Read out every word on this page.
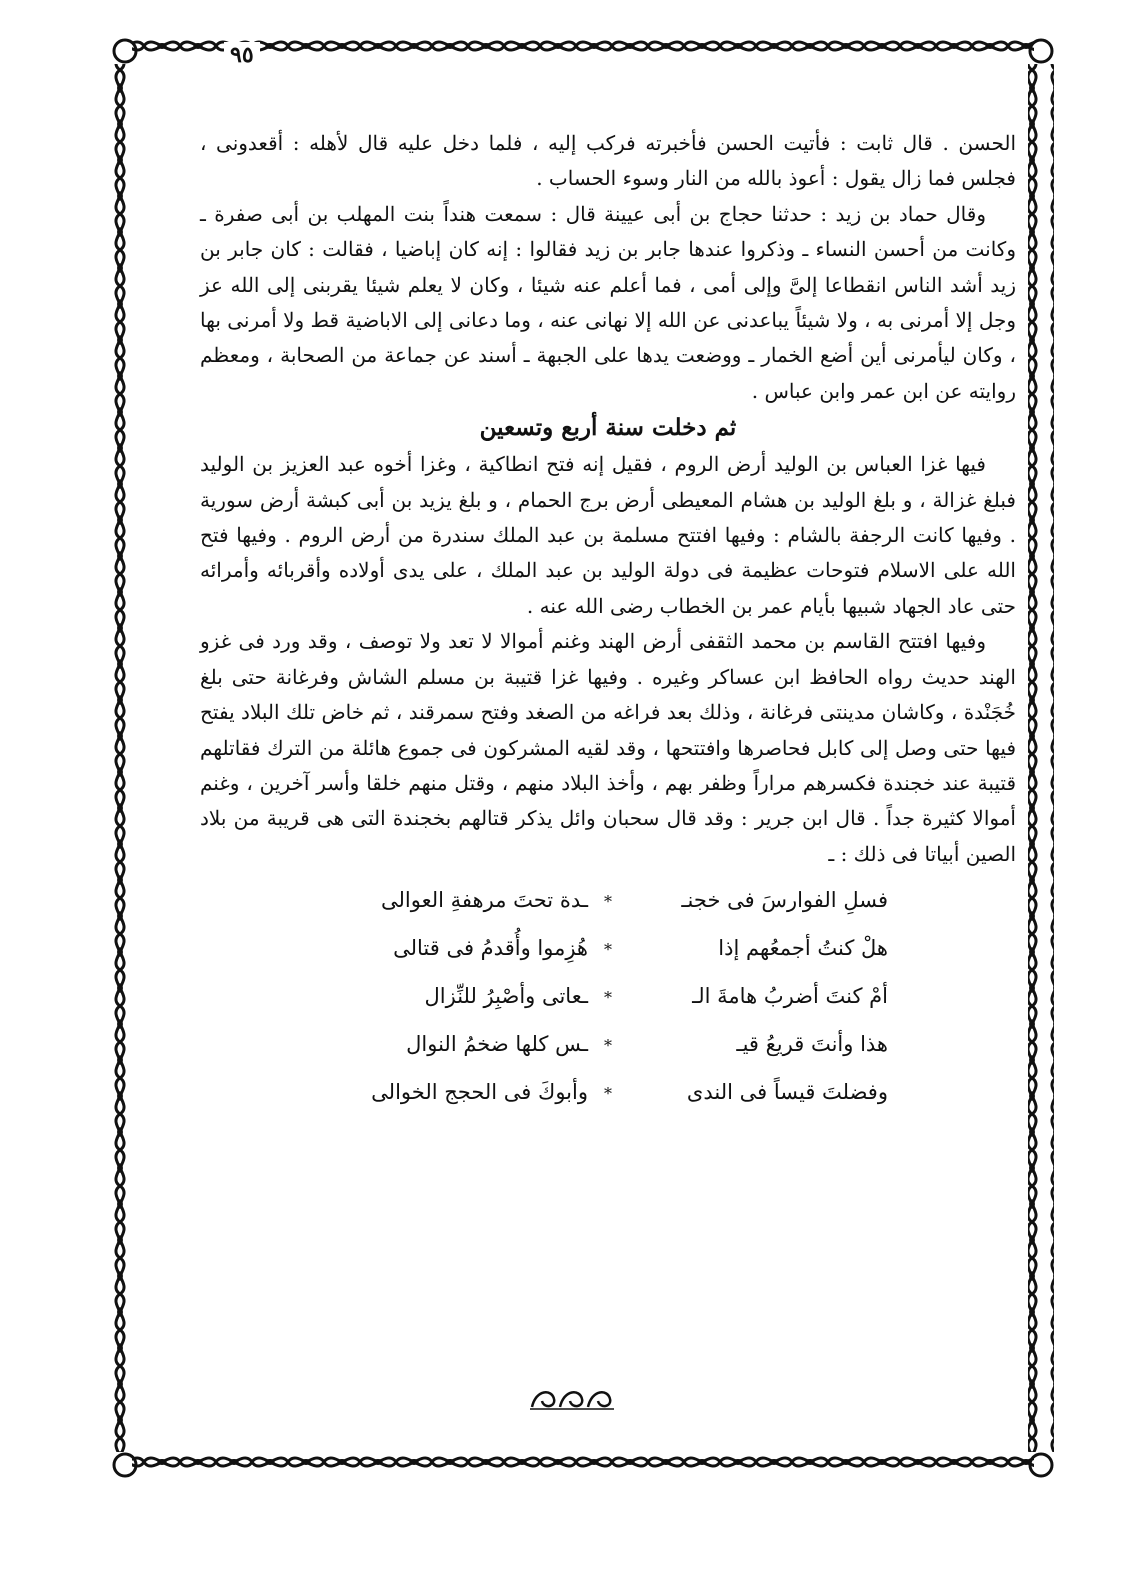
٩٥

الحسن . قال ثابت : فأتيت الحسن فأخبرته فركب إليه ، فلما دخل عليه قال لأهله : أقعدونى ، فجلس فما زال يقول : أعوذ بالله من النار وسوء الحساب .

وقال حماد بن زيد : حدثنا حجاج بن أبى عيينة قال : سمعت هنداً بنت المهلب بن أبى صفرة ـ وكانت من أحسن النساء ـ وذكروا عندها جابر بن زيد فقالوا : إنه كان إباضيا ، فقالت : كان جابر بن زيد أشد الناس انقطاعا إلىَّ وإلى أمى ، فما أعلم عنه شيئا ، وكان لا يعلم شيئا يقربنى إلى الله عز وجل إلا أمرنى به ، ولا شيئاً يباعدنى عن الله إلا نهانى عنه ، وما دعانى إلى الاباضية قط ولا أمرنى بها ، وكان ليأمرنى أين أضع الخمار ـ ووضعت يدها على الجبهة ـ أسند عن جماعة من الصحابة ، ومعظم روايته عن ابن عمر وابن عباس .

ثم دخلت سنة أربع وتسعين

فيها غزا العباس بن الوليد أرض الروم ، فقيل إنه فتح انطاكية ، وغزا أخوه عبد العزيز بن الوليد فبلغ غزالة ، و بلغ الوليد بن هشام المعيطى أرض برج الحمام ، و بلغ يزيد بن أبى كبشة أرض سورية . وفيها كانت الرجفة بالشام : وفيها افتتح مسلمة بن عبد الملك سندرة من أرض الروم . وفيها فتح الله على الاسلام فتوحات عظيمة فى دولة الوليد بن عبد الملك ، على يدى أولاده وأقربائه وأمرائه حتى عاد الجهاد شبيها بأيام عمر بن الخطاب رضى الله عنه .

وفيها افتتح القاسم بن محمد الثقفى أرض الهند وغنم أموالا لا تعد ولا توصف ، وقد ورد فى غزو الهند حديث رواه الحافظ ابن عساكر وغيره . وفيها غزا قتيبة بن مسلم الشاش وفرغانة حتى بلغ خُجَنْدة ، وكاشان مدينتى فرغانة ، وذلك بعد فراغه من الصغد وفتح سمرقند ، ثم خاض تلك البلاد يفتح فيها حتى وصل إلى كابل فحاصرها وافتتحها ، وقد لقيه المشركون فى جموع هائلة من الترك فقاتلهم قتيبة عند خجندة فكسرهم مراراً وظفر بهم ، وأخذ البلاد منهم ، وقتل منهم خلقا وأسر آخرين ، وغنم أموالا كثيرة جداً . قال ابن جرير : وقد قال سحبان وائل يذكر قتالهم بخجندة التى هى قريبة من بلاد الصين أبياتا فى ذلك : ـ

فسلِ الفوارسَ فى خجنـ
*
ـدة تحتَ مرهفةِ العوالى
هلْ كنتُ أجمعُهم إذا
*
هُزِموا وأُقدمُ فى قتالى
أمْ كنتَ أضربُ هامةَ الـ
*
ـعاتى وأصْبِرُ للنِّزال
هذا وأنتَ قريعُ قيـ
*
ـس كلها ضخمُ النوال
وفضلتَ قيساً فى الندى
*
وأبوكَ فى الحجج الخوالى
